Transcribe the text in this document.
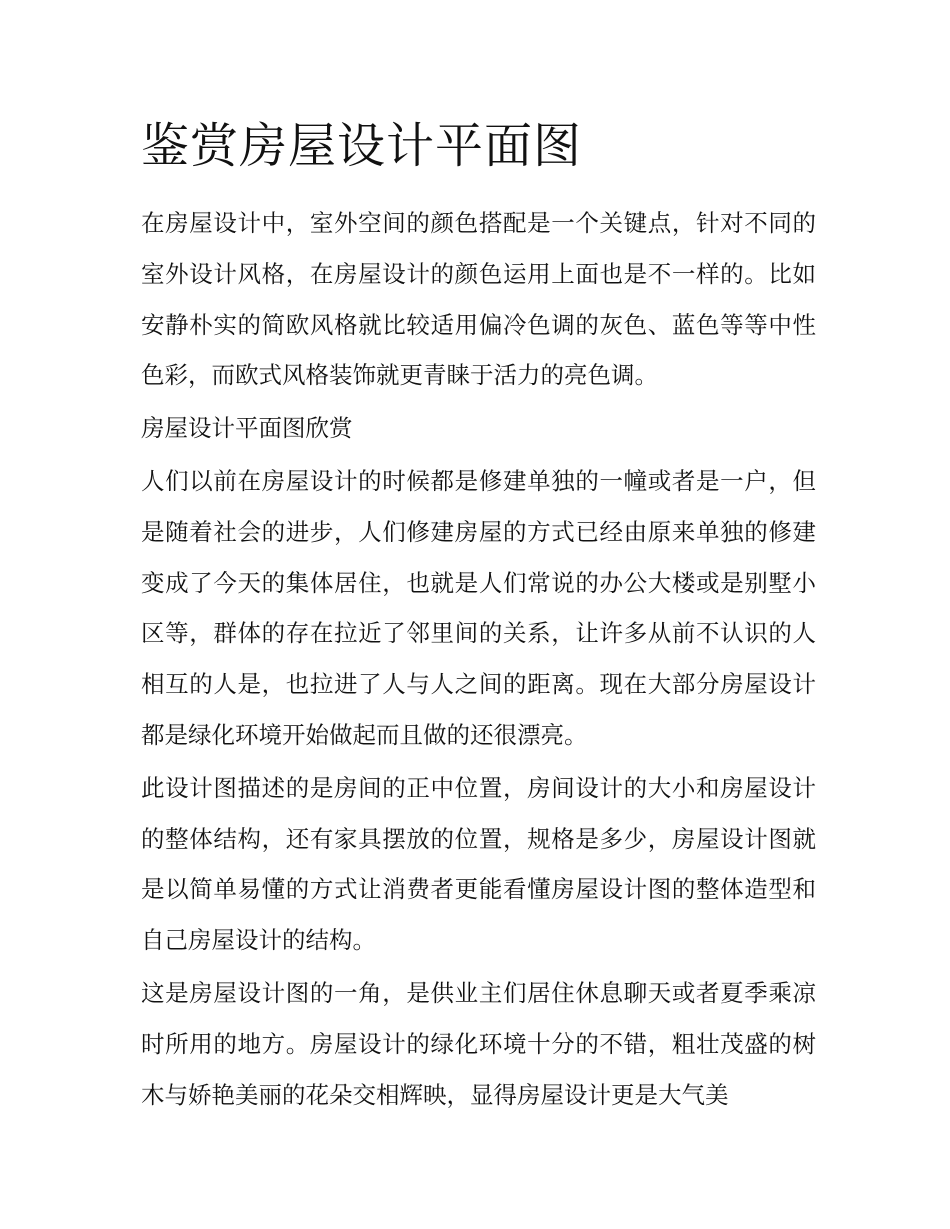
鉴赏房屋设计平面图

在房屋设计中，室外空间的颜色搭配是一个关键点，针对不同的室外设计风格，在房屋设计的颜色运用上面也是不一样的。比如安静朴实的简欧风格就比较适用偏冷色调的灰色、蓝色等等中性色彩，而欧式风格装饰就更青睐于活力的亮色调。

房屋设计平面图欣赏

人们以前在房屋设计的时候都是修建单独的一幢或者是一户，但是随着社会的进步，人们修建房屋的方式已经由原来单独的修建变成了今天的集体居住，也就是人们常说的办公大楼或是别墅小区等，群体的存在拉近了邻里间的关系，让许多从前不认识的人相互的人是，也拉进了人与人之间的距离。现在大部分房屋设计都是绿化环境开始做起而且做的还很漂亮。

此设计图描述的是房间的正中位置，房间设计的大小和房屋设计的整体结构，还有家具摆放的位置，规格是多少，房屋设计图就是以简单易懂的方式让消费者更能看懂房屋设计图的整体造型和自己房屋设计的结构。

这是房屋设计图的一角，是供业主们居住休息聊天或者夏季乘凉时所用的地方。房屋设计的绿化环境十分的不错，粗壮茂盛的树木与娇艳美丽的花朵交相辉映，显得房屋设计更是大气美
